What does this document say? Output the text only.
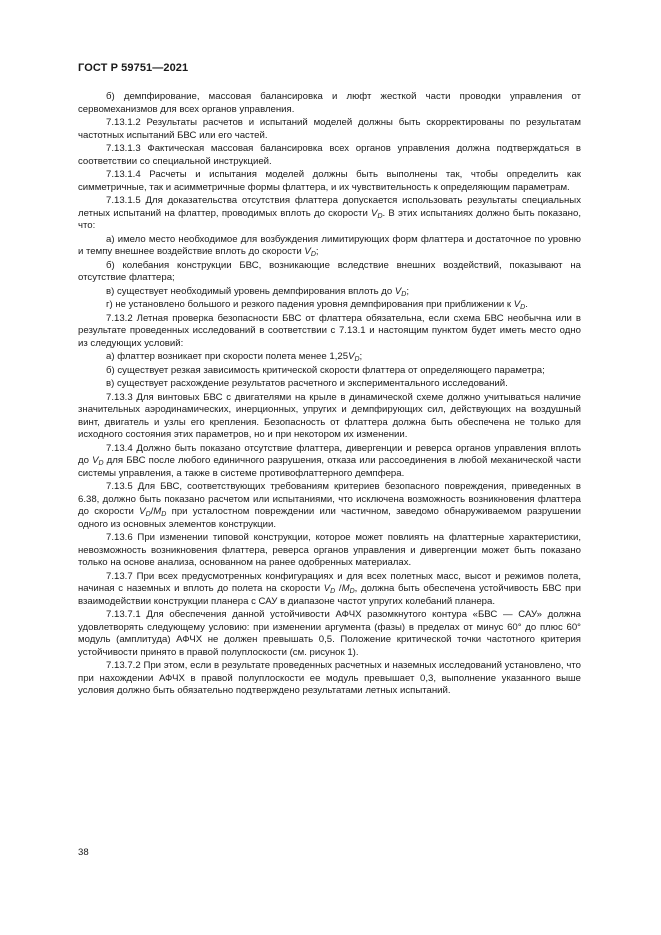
ГОСТ Р 59751—2021

б) демпфирование, массовая балансировка и люфт жесткой части проводки управления от сервомеханизмов для всех органов управления.

7.13.1.2 Результаты расчетов и испытаний моделей должны быть скорректированы по результатам частотных испытаний БВС или его частей.

7.13.1.3 Фактическая массовая балансировка всех органов управления должна подтверждаться в соответствии со специальной инструкцией.

7.13.1.4 Расчеты и испытания моделей должны быть выполнены так, чтобы определить как симметричные, так и асимметричные формы флаттера, и их чувствительность к определяющим параметрам.

7.13.1.5 Для доказательства отсутствия флаттера допускается использовать результаты специальных летных испытаний на флаттер, проводимых вплоть до скорости $V_D$. В этих испытаниях должно быть показано, что:

а) имело место необходимое для возбуждения лимитирующих форм флаттера и достаточное по уровню и темпу внешнее воздействие вплоть до скорости $V_D$;

б) колебания конструкции БВС, возникающие вследствие внешних воздействий, показывают на отсутствие флаттера;

в) существует необходимый уровень демпфирования вплоть до $V_D$;

г) не установлено большого и резкого падения уровня демпфирования при приближении к $V_D$.

7.13.2 Летная проверка безопасности БВС от флаттера обязательна, если схема БВС необычна или в результате проведенных исследований в соответствии с 7.13.1 и настоящим пунктом будет иметь место одно из следующих условий:

а) флаттер возникает при скорости полета менее $1,25V_D$;

б) существует резкая зависимость критической скорости флаттера от определяющего параметра;

в) существует расхождение результатов расчетного и экспериментального исследований.

7.13.3 Для винтовых БВС с двигателями на крыле в динамической схеме должно учитываться наличие значительных аэродинамических, инерционных, упругих и демпфирующих сил, действующих на воздушный винт, двигатель и узлы его крепления. Безопасность от флаттера должна быть обеспечена не только для исходного состояния этих параметров, но и при некотором их изменении.

7.13.4 Должно быть показано отсутствие флаттера, дивергенции и реверса органов управления вплоть до $V_D$ для БВС после любого единичного разрушения, отказа или рассоединения в любой механической части системы управления, а также в системе противофлаттерного демпфера.

7.13.5 Для БВС, соответствующих требованиям критериев безопасного повреждения, приведенных в 6.38, должно быть показано расчетом или испытаниями, что исключена возможность возникновения флаттера до скорости $V_D/M_D$ при усталостном повреждении или частичном, заведомо обнаруживаемом разрушении одного из основных элементов конструкции.

7.13.6 При изменении типовой конструкции, которое может повлиять на флаттерные характеристики, невозможность возникновения флаттера, реверса органов управления и дивергенции может быть показано только на основе анализа, основанном на ранее одобренных материалах.

7.13.7 При всех предусмотренных конфигурациях и для всех полетных масс, высот и режимов полета, начиная с наземных и вплоть до полета на скорости $V_D$ $/M_D$, должна быть обеспечена устойчивость БВС при взаимодействии конструкции планера с САУ в диапазоне частот упругих колебаний планера.

7.13.7.1 Для обеспечения данной устойчивости АФЧХ разомкнутого контура «БВС — САУ» должна удовлетворять следующему условию: при изменении аргумента (фазы) в пределах от минус 60° до плюс 60° модуль (амплитуда) АФЧХ не должен превышать 0,5. Положение критической точки частотного критерия устойчивости принято в правой полуплоскости (см. рисунок 1).

7.13.7.2 При этом, если в результате проведенных расчетных и наземных исследований установлено, что при нахождении АФЧХ в правой полуплоскости ее модуль превышает 0,3, выполнение указанного выше условия должно быть обязательно подтверждено результатами летных испытаний.

38
